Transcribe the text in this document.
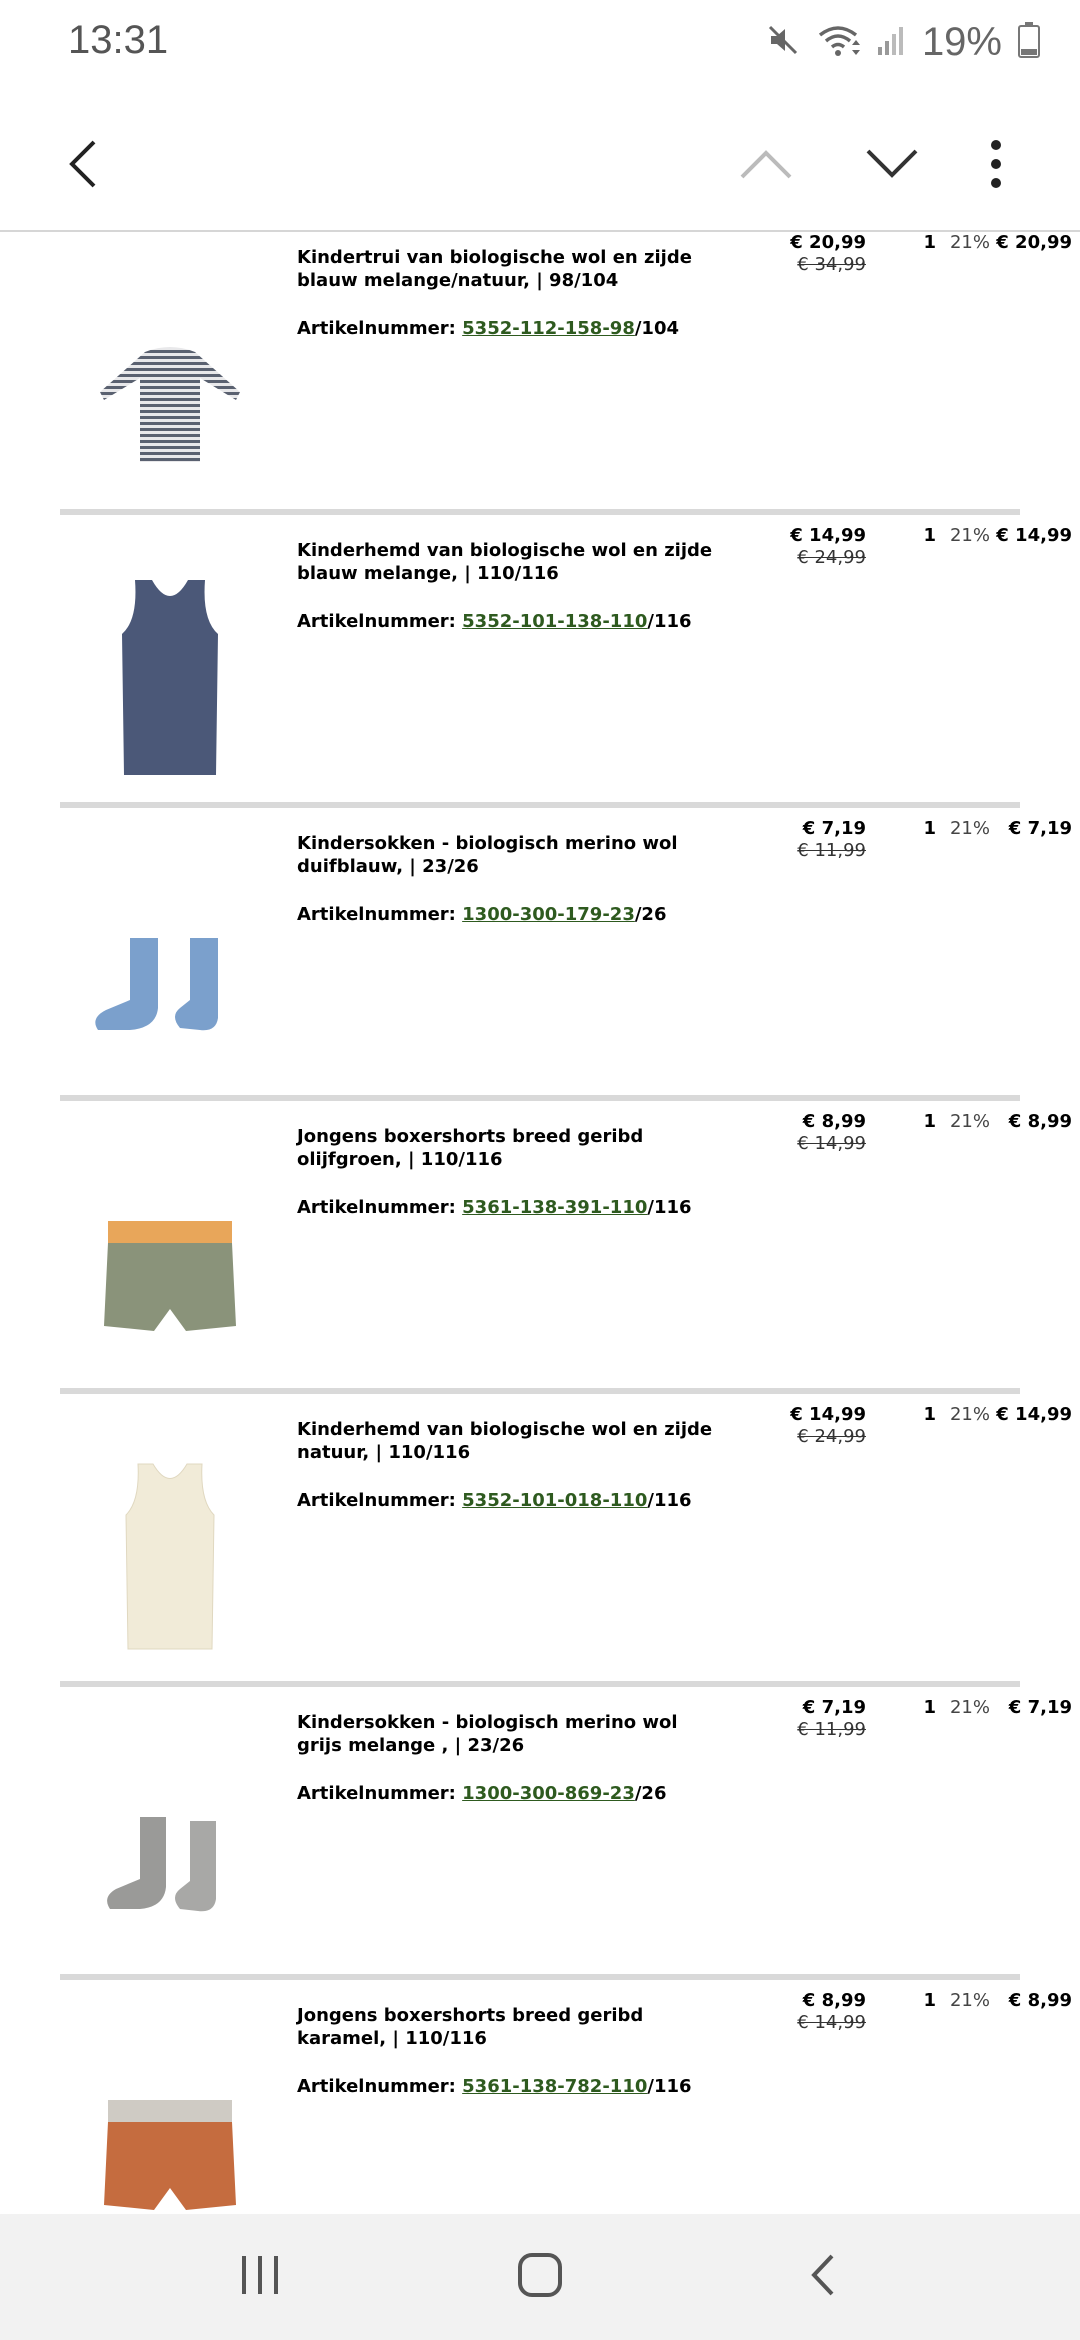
13:31	19%
Kindertrui van biologische wol en zijde blauw melange/natuur, | 98/104
Artikelnummer: 5352-112-158-98/104
€ 20,99
€ 34,99
1 21% € 20,99
Kinderhemd van biologische wol en zijde blauw melange, | 110/116
Artikelnummer: 5352-101-138-110/116
€ 14,99
€ 24,99
1 21% € 14,99
Kindersokken - biologisch merino wol duifblauw, | 23/26
Artikelnummer: 1300-300-179-23/26
€ 7,19
€ 11,99
1 21%	€ 7,19
Jongens boxershorts breed geribd olijfgroen, | 110/116
Artikelnummer: 5361-138-391-110/116
€ 8,99
€ 14,99
1 21%	€ 8,99
Kinderhemd van biologische wol en zijde natuur, | 110/116
Artikelnummer: 5352-101-018-110/116
€ 14,99
€ 24,99
1 21% € 14,99
Kindersokken - biologisch merino wol grijs melange , | 23/26
Artikelnummer: 1300-300-869-23/26
€ 7,19
€ 11,99
1 21%	€ 7,19
Jongens boxershorts breed geribd karamel, | 110/116
Artikelnummer: 5361-138-782-110/116
€ 8,99
€ 14,99
1 21%	€ 8,99
